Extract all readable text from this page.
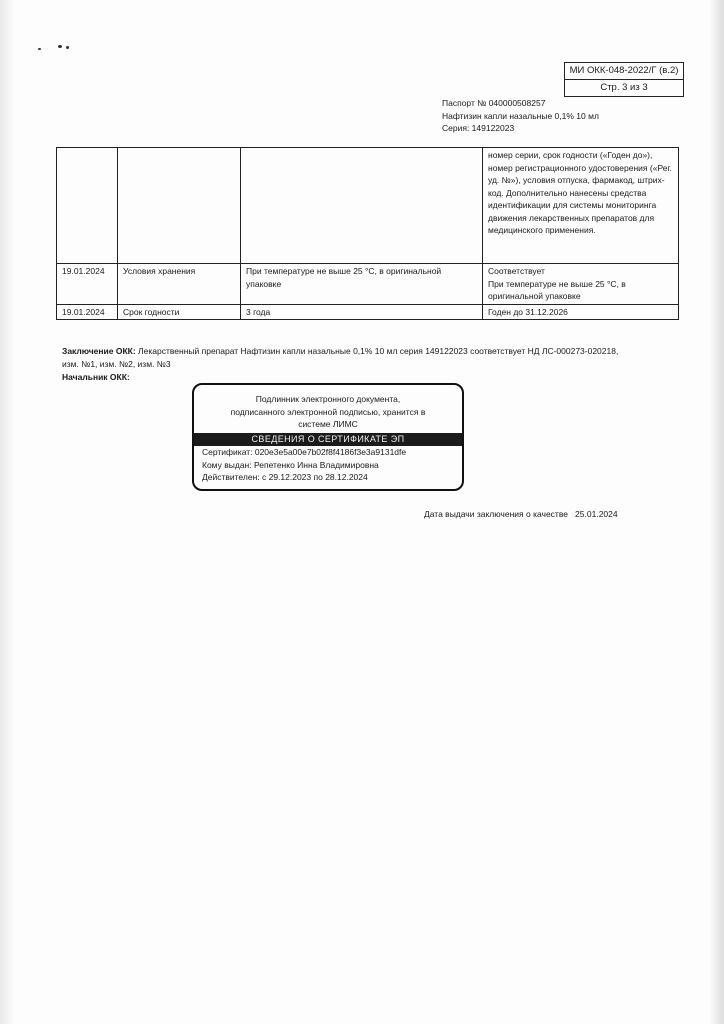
МИ ОКК-048-2022/Г (в.2)
Стр. 3 из 3
Паспорт № 040000508257
Нафтизин капли назальные 0,1% 10 мл
Серия: 149122023
			номер серии, срок годности («Годен до»), номер регистрационного удостоверения («Рег. уд. №»), условия отпуска, фармакод, штрих-код. Дополнительно нанесены средства идентификации для системы мониторинга движения лекарственных препаратов для медицинского применения.
19.01.2024	Условия хранения	При температуре не выше 25 °С, в оригинальной упаковке	Соответствует
При температуре не выше 25 °С, в оригинальной упаковке

19.01.2024	Срок годности	3 года	Годен до 31.12.2026
Заключение ОКК: Лекарственный препарат Нафтизин капли назальные 0,1% 10 мл серия 149122023 соответствует НД ЛС-000273-020218, изм. №1, изм. №2, изм. №3
Начальник ОКК:
Подлинник электронного документа,
подписанного электронной подписью, хранится в
системе ЛИМС
СВЕДЕНИЯ О СЕРТИФИКАТЕ ЭП
Сертификат: 020e3e5a00e7b02f8f4186f3e3a9131dfe
Кому выдан: Репетенко Инна Владимировна
Действителен: с 29.12.2023 по 28.12.2024
Дата выдачи заключения о качестве   25.01.2024
